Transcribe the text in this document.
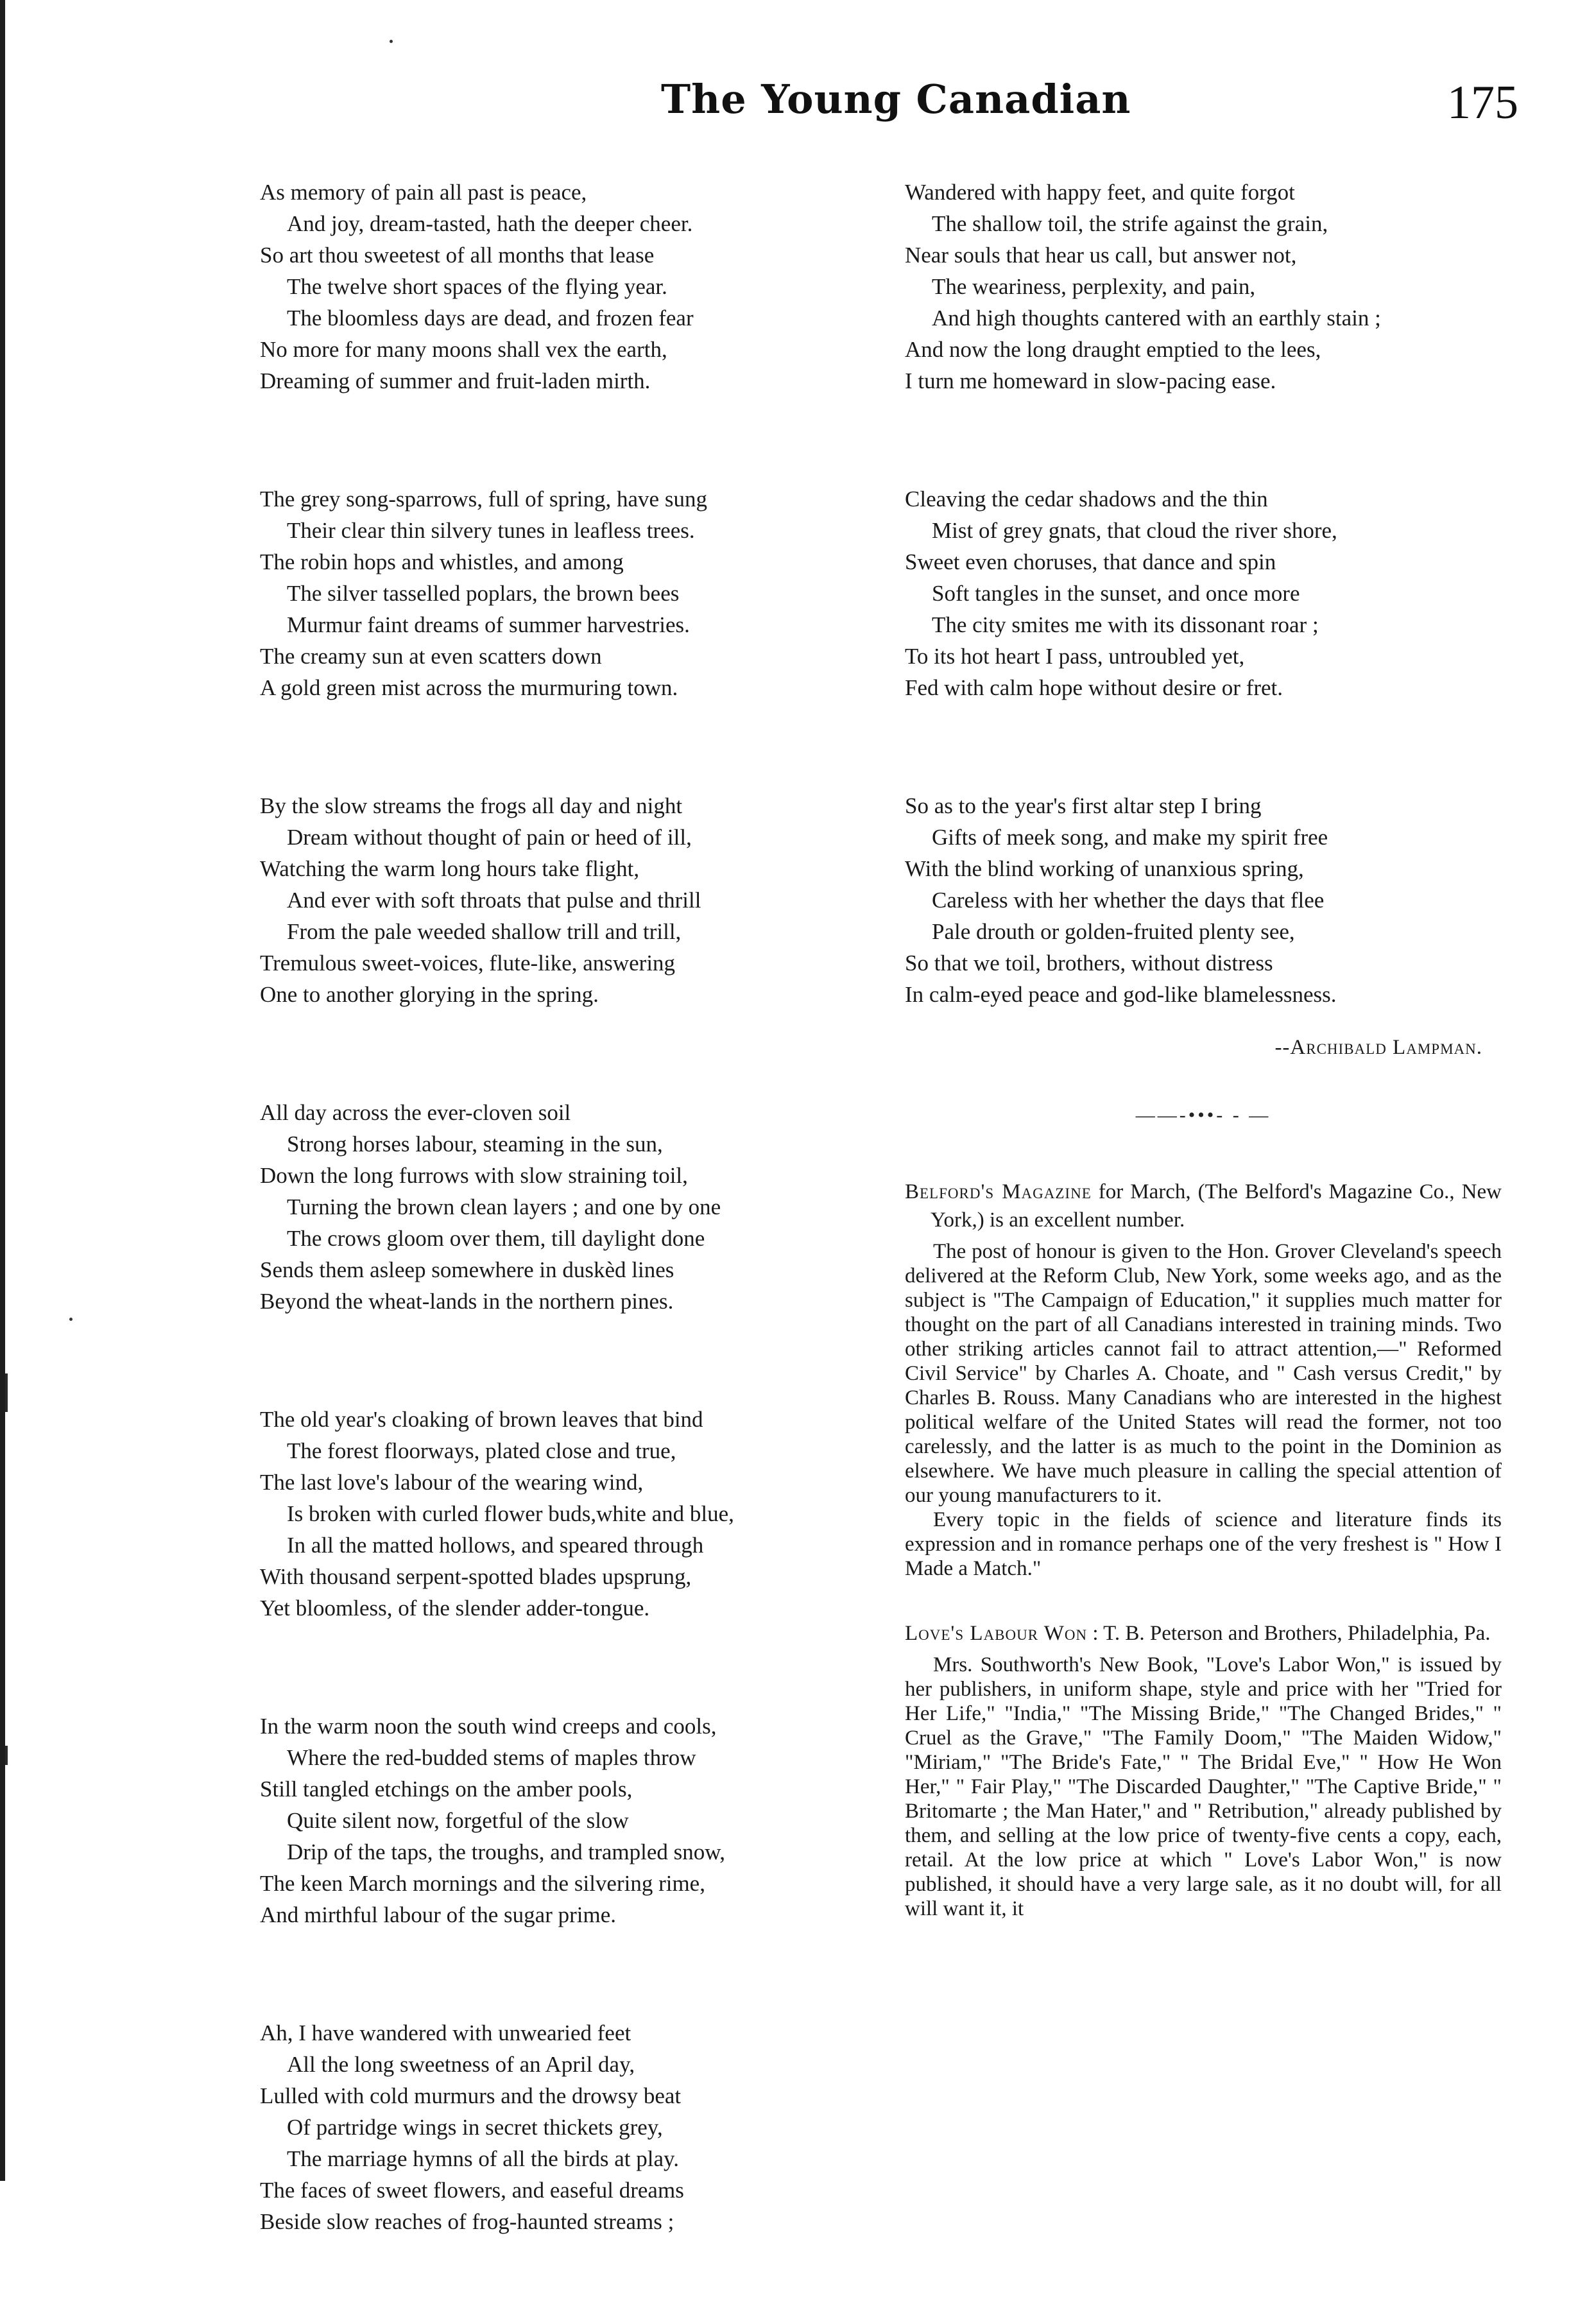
The Young Canadian	175
As memory of pain all past is peace,
And joy, dream-tasted, hath the deeper cheer.
So art thou sweetest of all months that lease
The twelve short spaces of the flying year.
The bloomless days are dead, and frozen fear
No more for many moons shall vex the earth,
Dreaming of summer and fruit-laden mirth.
The grey song-sparrows, full of spring, have sung
Their clear thin silvery tunes in leafless trees.
The robin hops and whistles, and among
The silver tasselled poplars, the brown bees
Murmur faint dreams of summer harvestries.
The creamy sun at even scatters down
A gold green mist across the murmuring town.
By the slow streams the frogs all day and night
Dream without thought of pain or heed of ill,
Watching the warm long hours take flight,
And ever with soft throats that pulse and thrill
From the pale weeded shallow trill and trill,
Tremulous sweet-voices, flute-like, answering
One to another glorying in the spring.
All day across the ever-cloven soil
Strong horses labour, steaming in the sun,
Down the long furrows with slow straining toil,
Turning the brown clean layers ; and one by one
The crows gloom over them, till daylight done
Sends them asleep somewhere in duskèd lines
Beyond the wheat-lands in the northern pines.
The old year's cloaking of brown leaves that bind
The forest floorways, plated close and true,
The last love's labour of the wearing wind,
Is broken with curled flower buds,white and blue,
In all the matted hollows, and speared through
With thousand serpent-spotted blades upsprung,
Yet bloomless, of the slender adder-tongue.
In the warm noon the south wind creeps and cools,
Where the red-budded stems of maples throw
Still tangled etchings on the amber pools,
Quite silent now, forgetful of the slow
Drip of the taps, the troughs, and trampled snow,
The keen March mornings and the silvering rime,
And mirthful labour of the sugar prime.
Ah, I have wandered with unwearied feet
All the long sweetness of an April day,
Lulled with cold murmurs and the drowsy beat
Of partridge wings in secret thickets grey,
The marriage hymns of all the birds at play.
The faces of sweet flowers, and easeful dreams
Beside slow reaches of frog-haunted streams ;
Wandered with happy feet, and quite forgot
The shallow toil, the strife against the grain,
Near souls that hear us call, but answer not,
The weariness, perplexity, and pain,
And high thoughts cantered with an earthly stain ;
And now the long draught emptied to the lees,
I turn me homeward in slow-pacing ease.
Cleaving the cedar shadows and the thin
Mist of grey gnats, that cloud the river shore,
Sweet even choruses, that dance and spin
Soft tangles in the sunset, and once more
The city smites me with its dissonant roar ;
To its hot heart I pass, untroubled yet,
Fed with calm hope without desire or fret.
So as to the year's first altar step I bring
Gifts of meek song, and make my spirit free
With the blind working of unanxious spring,
Careless with her whether the days that flee
Pale drouth or golden-fruited plenty see,
So that we toil, brothers, without distress
In calm-eyed peace and god-like blamelessness.
--Archibald Lampman.
——-•••- - —

Belford's Magazine for March, (The Belford's Magazine Co., New York,) is an excellent number.

The post of honour is given to the Hon. Grover Cleveland's speech delivered at the Reform Club, New York, some weeks ago, and as the subject is "The Campaign of Education," it supplies much matter for thought on the part of all Canadians interested in training minds. Two other striking articles cannot fail to attract attention,—" Reformed Civil Service" by Charles A. Choate, and " Cash versus Credit," by Charles B. Rouss. Many Canadians who are interested in the highest political welfare of the United States will read the former, not too carelessly, and the latter is as much to the point in the Dominion as elsewhere. We have much pleasure in calling the special attention of our young manufacturers to it.

Every topic in the fields of science and literature finds its expression and in romance perhaps one of the very freshest is " How I Made a Match."

Love's Labour Won : T. B. Peterson and Brothers, Philadelphia, Pa.

Mrs. Southworth's New Book, "Love's Labor Won," is issued by her publishers, in uniform shape, style and price with her "Tried for Her Life," "India," "The Missing Bride," "The Changed Brides," " Cruel as the Grave," "The Family Doom," "The Maiden Widow," "Miriam," "The Bride's Fate," " The Bridal Eve," " How He Won Her," " Fair Play," "The Discarded Daughter," "The Captive Bride," " Britomarte ; the Man Hater," and " Retribution," already published by them, and selling at the low price of twenty-five cents a copy, each, retail. At the low price at which " Love's Labor Won," is now published, it should have a very large sale, as it no doubt will, for all will want it, it
